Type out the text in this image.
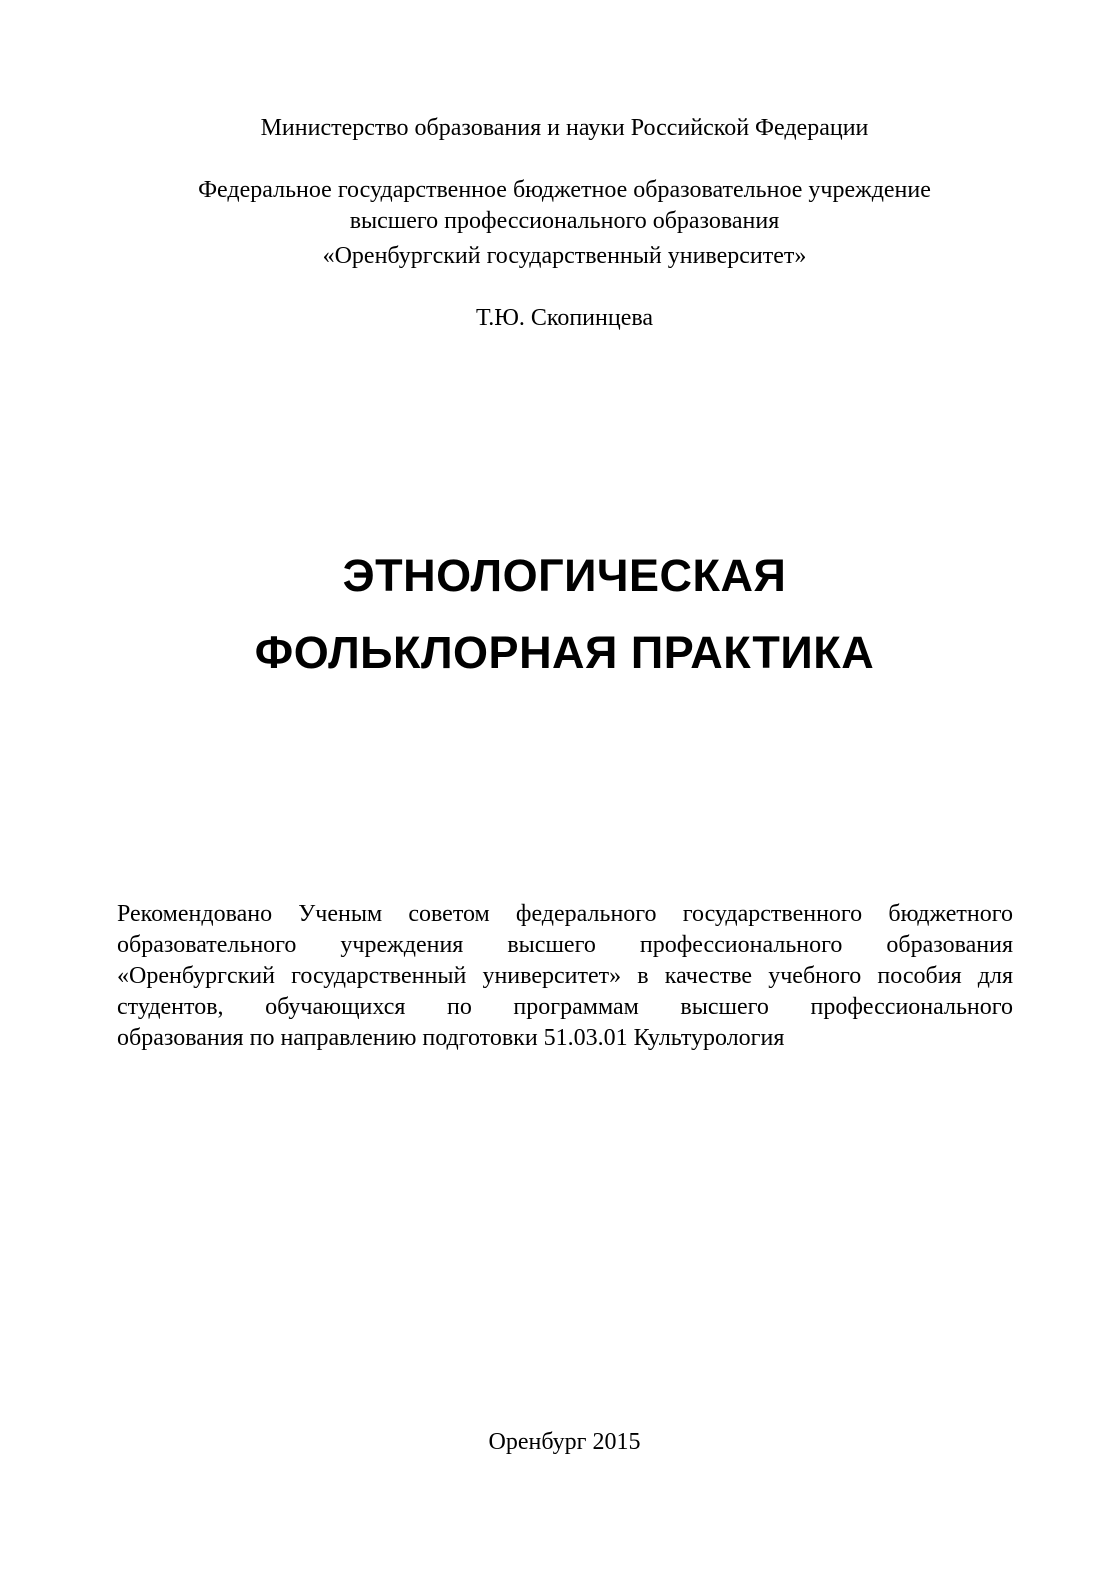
Министерство образования и науки Российской Федерации
Федеральное государственное бюджетное образовательное учреждение
высшего профессионального образования
«Оренбургский государственный университет»
Т.Ю. Скопинцева
ЭТНОЛОГИЧЕСКАЯ
ФОЛЬКЛОРНАЯ ПРАКТИКА
Рекомендовано Ученым советом федерального государственного бюджетного
образовательного учреждения высшего профессионального образования
«Оренбургский государственный университет» в качестве учебного пособия для
студентов, обучающихся по программам высшего профессионального
образования по направлению подготовки 51.03.01 Культурология
Оренбург 2015
